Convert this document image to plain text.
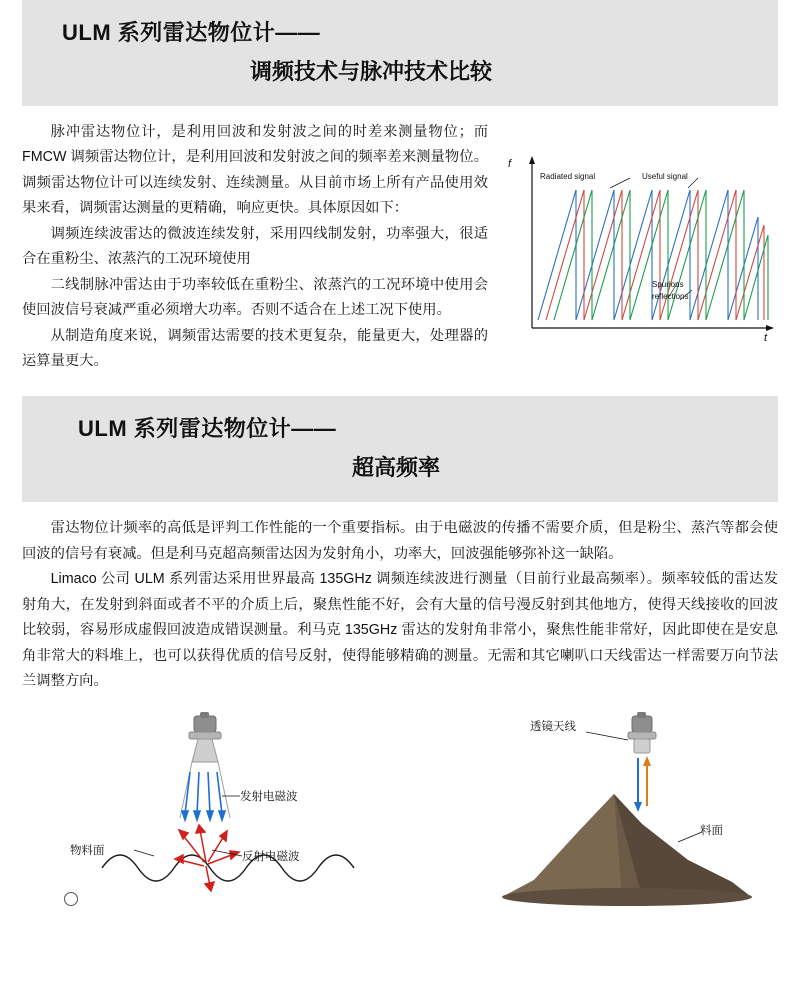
ULM 系列雷达物位计——
调频技术与脉冲技术比较
f
t
Radiated signal	Useful signal
Spurious
reflections

脉冲雷达物位计，是利用回波和发射波之间的时差来测量物位；而 FMCW 调频雷达物位计，是利用回波和发射波之间的频率差来测量物位。调频雷达物位计可以连续发射、连续测量。从目前市场上所有产品使用效果来看，调频雷达测量的更精确，响应更快。具体原因如下：

调频连续波雷达的微波连续发射，采用四线制发射，功率强大，很适合在重粉尘、浓蒸汽的工况环境使用

二线制脉冲雷达由于功率较低在重粉尘、浓蒸汽的工况环境中使用会使回波信号衰减严重必须增大功率。否则不适合在上述工况下使用。

从制造角度来说，调频雷达需要的技术更复杂，能量更大，处理器的运算量更大。

ULM 系列雷达物位计——
超高频率

雷达物位计频率的高低是评判工作性能的一个重要指标。由于电磁波的传播不需要介质，但是粉尘、蒸汽等都会使回波的信号有衰减。但是利马克超高频雷达因为发射角小，功率大，回波强能够弥补这一缺陷。

Limaco 公司 ULM 系列雷达采用世界最高 135GHz 调频连续波进行测量（目前行业最高频率）。频率较低的雷达发射角大，在发射到斜面或者不平的介质上后，聚焦性能不好，会有大量的信号漫反射到其他地方，使得天线接收的回波比较弱，容易形成虚假回波造成错误测量。利马克 135GHz 雷达的发射角非常小，聚焦性能非常好，因此即使在是安息角非常大的料堆上，也可以获得优质的信号反射，使得能够精确的测量。无需和其它喇叭口天线雷达一样需要万向节法兰调整方向。

发射电磁波
物料面	反射电磁波
透镜天线
料面
